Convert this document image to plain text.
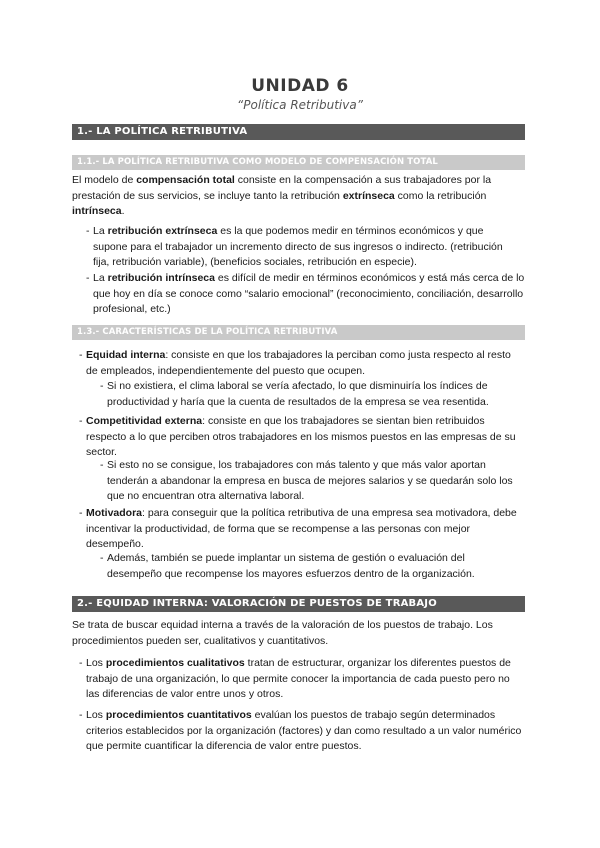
UNIDAD 6
“Política Retributiva”
1.- LA POLÍTICA RETRIBUTIVA
1.1.- LA POLÍTICA RETRIBUTIVA COMO MODELO DE COMPENSACIÓN TOTAL
El modelo de compensación total consiste en la compensación a sus trabajadores por la prestación de sus servicios, se incluye tanto la retribución extrínseca como la retribución intrínseca.
- La retribución extrínseca es la que podemos medir en términos económicos y que supone para el trabajador un incremento directo de sus ingresos o indirecto. (retribución fija, retribución variable), (beneficios sociales, retribución en especie).
- La retribución intrínseca es difícil de medir en términos económicos y está más cerca de lo que hoy en día se conoce como “salario emocional” (reconocimiento, conciliación, desarrollo profesional, etc.)
1.3.- CARACTERÍSTICAS DE LA POLÍTICA RETRIBUTIVA
- Equidad interna: consiste en que los trabajadores la perciban como justa respecto al resto de empleados, independientemente del puesto que ocupen.
- Si no existiera, el clima laboral se vería afectado, lo que disminuiría los índices de productividad y haría que la cuenta de resultados de la empresa se vea resentida.
- Competitividad externa: consiste en que los trabajadores se sientan bien retribuidos respecto a lo que perciben otros trabajadores en los mismos puestos en las empresas de su sector.
- Si esto no se consigue, los trabajadores con más talento y que más valor aportan tenderán a abandonar la empresa en busca de mejores salarios y se quedarán solo los que no encuentran otra alternativa laboral.
- Motivadora: para conseguir que la política retributiva de una empresa sea motivadora, debe incentivar la productividad, de forma que se recompense a las personas con mejor desempeño.
- Además, también se puede implantar un sistema de gestión o evaluación del desempeño que recompense los mayores esfuerzos dentro de la organización.
2.- EQUIDAD INTERNA: VALORACIÓN DE PUESTOS DE TRABAJO
Se trata de buscar equidad interna a través de la valoración de los puestos de trabajo. Los procedimientos pueden ser, cualitativos y cuantitativos.
- Los procedimientos cualitativos tratan de estructurar, organizar los diferentes puestos de trabajo de una organización, lo que permite conocer la importancia de cada puesto pero no las diferencias de valor entre unos y otros.
- Los procedimientos cuantitativos evalúan los puestos de trabajo según determinados criterios establecidos por la organización (factores) y dan como resultado a un valor numérico que permite cuantificar la diferencia de valor entre puestos.
